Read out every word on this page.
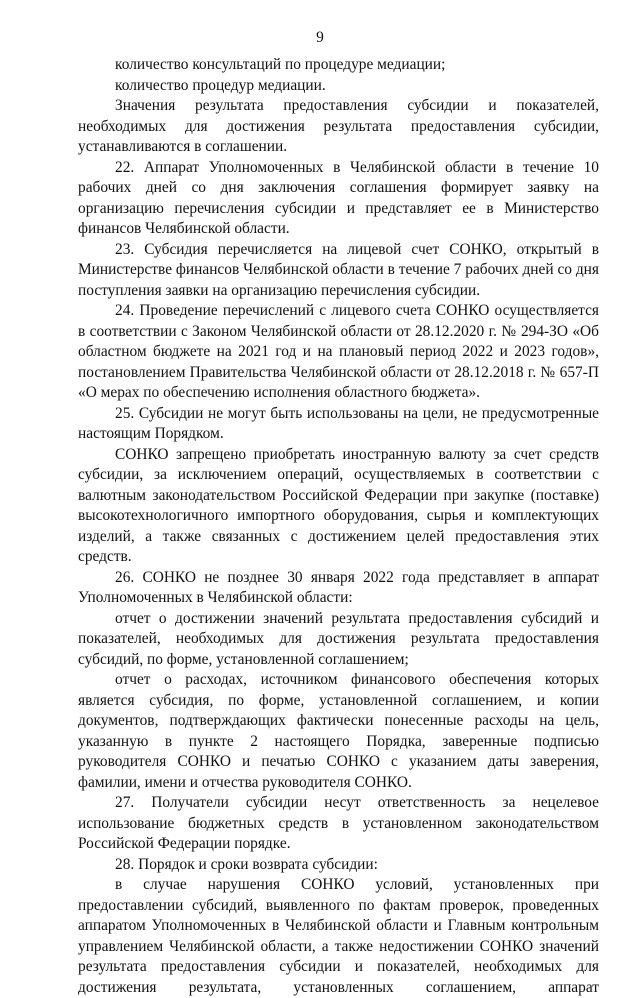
9

количество консультаций по процедуре медиации;

количество процедур медиации.

Значения результата предоставления субсидии и показателей, необходимых для достижения результата предоставления субсидии, устанавливаются в соглашении.

22. Аппарат Уполномоченных в Челябинской области в течение 10 рабочих дней со дня заключения соглашения формирует заявку на организацию перечисления субсидии и представляет ее в Министерство финансов Челябинской области.

23. Субсидия перечисляется на лицевой счет СОНКО, открытый в Министерстве финансов Челябинской области в течение 7 рабочих дней со дня поступления заявки на организацию перечисления субсидии.

24. Проведение перечислений с лицевого счета СОНКО осуществляется в соответствии с Законом Челябинской области от 28.12.2020 г. № 294-ЗО «Об областном бюджете на 2021 год и на плановый период 2022 и 2023 годов», постановлением Правительства Челябинской области от 28.12.2018 г. № 657-П «О мерах по обеспечению исполнения областного бюджета».

25. Субсидии не могут быть использованы на цели, не предусмотренные настоящим Порядком.

СОНКО запрещено приобретать иностранную валюту за счет средств субсидии, за исключением операций, осуществляемых в соответствии с валютным законодательством Российской Федерации при закупке (поставке) высокотехнологичного импортного оборудования, сырья и комплектующих изделий, а также связанных с достижением целей предоставления этих средств.

26. СОНКО не позднее 30 января 2022 года представляет в аппарат Уполномоченных в Челябинской области:

отчет о достижении значений результата предоставления субсидий и показателей, необходимых для достижения результата предоставления субсидий, по форме, установленной соглашением;

отчет о расходах, источником финансового обеспечения которых является субсидия, по форме, установленной соглашением, и копии документов, подтверждающих фактически понесенные расходы на цель, указанную в пункте 2 настоящего Порядка, заверенные подписью руководителя СОНКО и печатью СОНКО с указанием даты заверения, фамилии, имени и отчества руководителя СОНКО.

27. Получатели субсидии несут ответственность за нецелевое использование бюджетных средств в установленном законодательством Российской Федерации порядке.

28. Порядок и сроки возврата субсидии:

в случае нарушения СОНКО условий, установленных при предоставлении субсидий, выявленного по фактам проверок, проведенных аппаратом Уполномоченных в Челябинской области и Главным контрольным управлением Челябинской области, а также недостижении СОНКО значений результата предоставления субсидии и показателей, необходимых для достижения результата, установленных соглашением, аппарат
